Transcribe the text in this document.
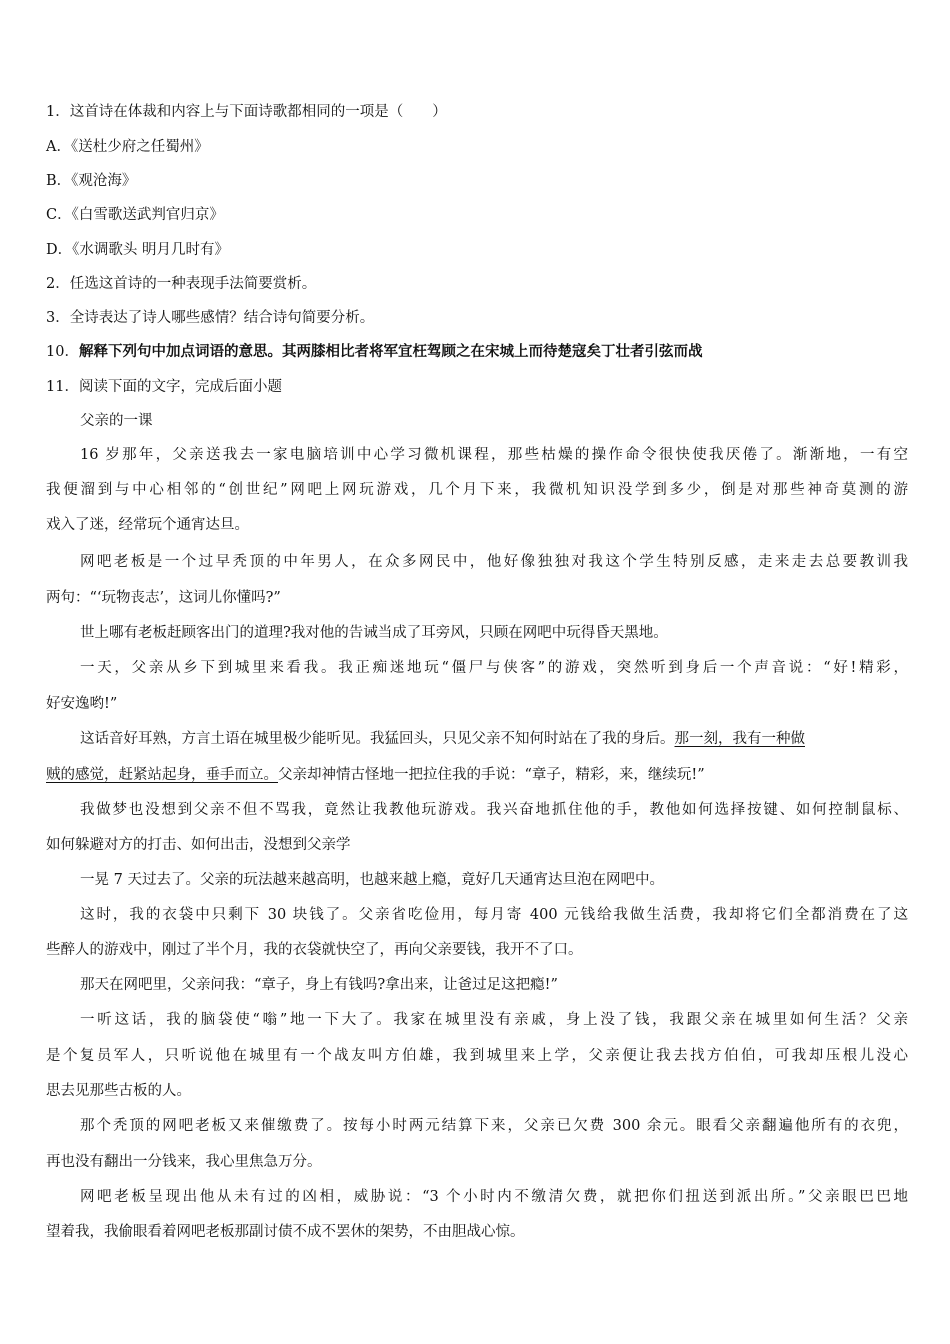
1．这首诗在体裁和内容上与下面诗歌都相同的一项是（　　）
A．《送杜少府之任蜀州》
B．《观沧海》
C．《白雪歌送武判官归京》
D．《水调歌头 明月几时有》
2．任选这首诗的一种表现手法简要赏析。
3．全诗表达了诗人哪些感情？结合诗句简要分析。
10．解释下列句中加点词语的意思。其两膝相比者将军宜枉驾顾之在宋城上而待楚寇矣丁壮者引弦而战
11．阅读下面的文字，完成后面小题
父亲的一课
16 岁那年，父亲送我去一家电脑培训中心学习微机课程，那些枯燥的操作命令很快使我厌倦了。渐渐地，一有空
我便溜到与中心相邻的“创世纪”网吧上网玩游戏，几个月下来，我微机知识没学到多少，倒是对那些神奇莫测的游
戏入了迷，经常玩个通宵达旦。
网吧老板是一个过早秃顶的中年男人，在众多网民中，他好像独独对我这个学生特别反感，走来走去总要教训我
两句：“‘玩物丧志’，这词儿你懂吗?”
世上哪有老板赶顾客出门的道理?我对他的告诫当成了耳旁风，只顾在网吧中玩得昏天黑地。
一天，父亲从乡下到城里来看我。我正痴迷地玩“僵尸与侠客”的游戏，突然听到身后一个声音说：“好!精彩，
好安逸哟!”
这话音好耳熟，方言土语在城里极少能听见。我猛回头，只见父亲不知何时站在了我的身后。那一刻，我有一种做
贼的感觉，赶紧站起身，垂手而立。父亲却神情古怪地一把拉住我的手说：“章子，精彩，来，继续玩!”
我做梦也没想到父亲不但不骂我，竟然让我教他玩游戏。我兴奋地抓住他的手，教他如何选择按键、如何控制鼠标、
如何躲避对方的打击、如何出击，没想到父亲学
一晃 7 天过去了。父亲的玩法越来越高明，也越来越上瘾，竟好几天通宵达旦泡在网吧中。
这时，我的衣袋中只剩下 30 块钱了。父亲省吃俭用，每月寄 400 元钱给我做生活费，我却将它们全都消费在了这
些醉人的游戏中，刚过了半个月，我的衣袋就快空了，再向父亲要钱，我开不了口。
那天在网吧里，父亲问我：“章子，身上有钱吗?拿出来，让爸过足这把瘾!”
一听这话，我的脑袋使“嗡”地一下大了。我家在城里没有亲戚，身上没了钱，我跟父亲在城里如何生活？父亲
是个复员军人，只听说他在城里有一个战友叫方伯雄，我到城里来上学，父亲便让我去找方伯伯，可我却压根儿没心
思去见那些古板的人。
那个秃顶的网吧老板又来催缴费了。按每小时两元结算下来，父亲已欠费 300 余元。眼看父亲翻遍他所有的衣兜，
再也没有翻出一分钱来，我心里焦急万分。
网吧老板呈现出他从未有过的凶相，威胁说：“3 个小时内不缴清欠费，就把你们扭送到派出所。”父亲眼巴巴地
望着我，我偷眼看着网吧老板那副讨债不成不罢休的架势，不由胆战心惊。
